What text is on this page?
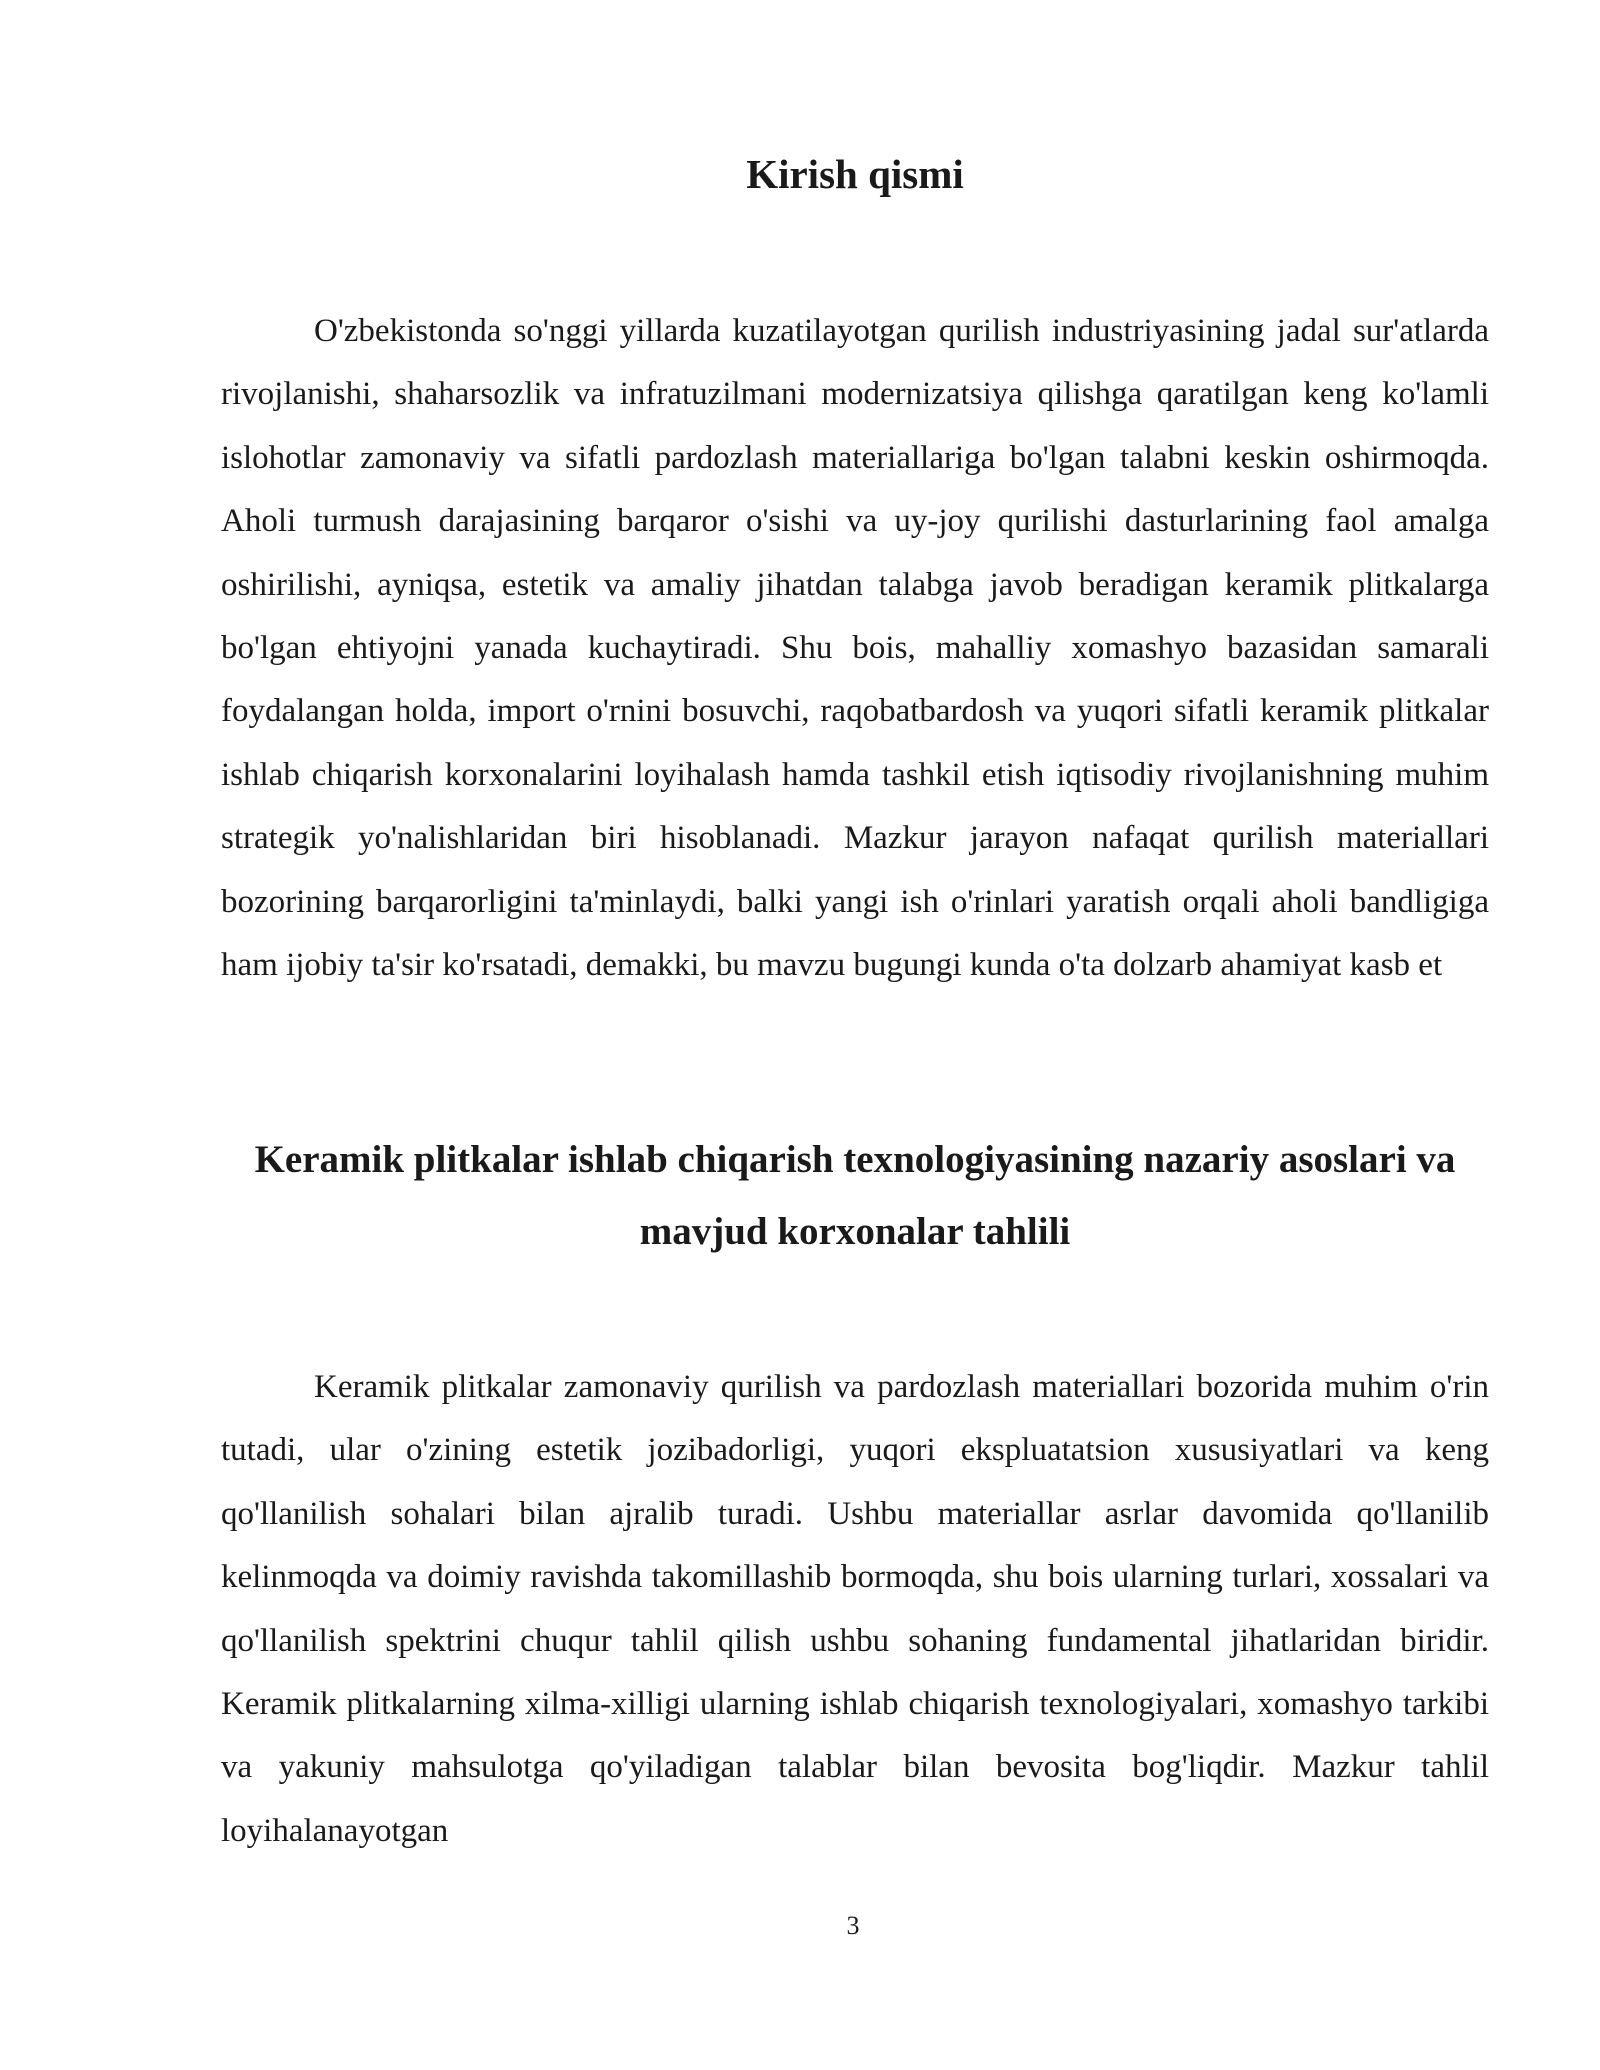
Kirish qismi

O'zbekistonda so'nggi yillarda kuzatilayotgan qurilish industriyasining jadal sur'atlarda rivojlanishi, shaharsozlik va infratuzilmani modernizatsiya qilishga qaratilgan keng ko'lamli islohotlar zamonaviy va sifatli pardozlash materiallariga bo'lgan talabni keskin oshirmoqda. Aholi turmush darajasining barqaror o'sishi va uy-joy qurilishi dasturlarining faol amalga oshirilishi, ayniqsa, estetik va amaliy jihatdan talabga javob beradigan keramik plitkalarga bo'lgan ehtiyojni yanada kuchaytiradi. Shu bois, mahalliy xomashyo bazasidan samarali foydalangan holda, import o'rnini bosuvchi, raqobatbardosh va yuqori sifatli keramik plitkalar ishlab chiqarish korxonalarini loyihalash hamda tashkil etish iqtisodiy rivojlanishning muhim strategik yo'nalishlaridan biri hisoblanadi. Mazkur jarayon nafaqat qurilish materiallari bozorining barqarorligini ta'minlaydi, balki yangi ish o'rinlari yaratish orqali aholi bandligiga ham ijobiy ta'sir ko'rsatadi, demakki, bu mavzu bugungi kunda o'ta dolzarb ahamiyat kasb et

Keramik plitkalar ishlab chiqarish texnologiyasining nazariy asoslari va mavjud korxonalar tahlili

Keramik plitkalar zamonaviy qurilish va pardozlash materiallari bozorida muhim o'rin tutadi, ular o'zining estetik jozibadorligi, yuqori ekspluatatsion xususiyatlari va keng qo'llanilish sohalari bilan ajralib turadi. Ushbu materiallar asrlar davomida qo'llanilib kelinmoqda va doimiy ravishda takomillashib bormoqda, shu bois ularning turlari, xossalari va qo'llanilish spektrini chuqur tahlil qilish ushbu sohaning fundamental jihatlaridan biridir. Keramik plitkalarning xilma-xilligi ularning ishlab chiqarish texnologiyalari, xomashyo tarkibi va yakuniy mahsulotga qo'yiladigan talablar bilan bevosita bog'liqdir. Mazkur tahlil loyihalanayotgan

3
